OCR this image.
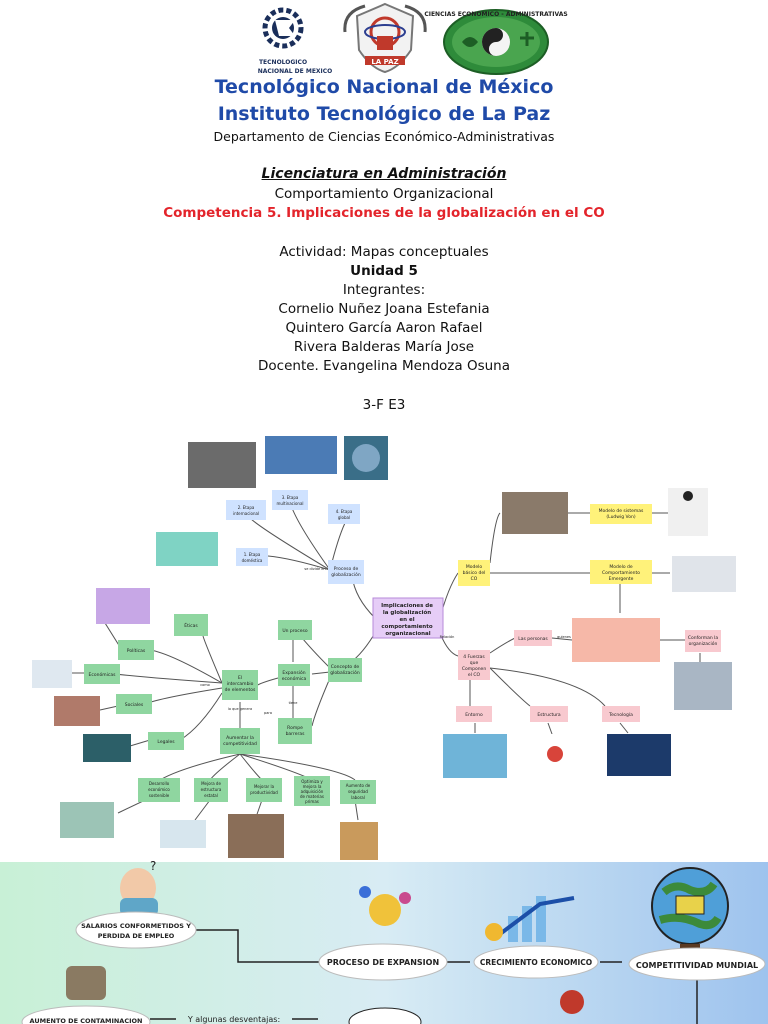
TECNOLOGICO
NACIONAL DE MEXICO
LA PAZ
CIENCIAS ECONOMICO - ADMINISTRATIVAS
Tecnológico Nacional de México
Instituto Tecnológico de La Paz
Departamento de Ciencias Económico-Administrativas
Licenciatura en Administración
Comportamiento Organizacional
Competencia 5. Implicaciones de la globalización en el CO
Actividad: Mapas conceptuales
Unidad 5
Integrantes:
Cornelio Nuñez Joana Estefania
Quintero García Aaron Rafael
Rivera Balderas María Jose
Docente. Evangelina Mendoza Osuna
3-F E3
Implicaciones de la globalización en el comportamiento organizacional
Proceso de globalización
se divide en
1. Etapa doméstica
2. Etapa internacional
3. Etapa multinacional
4. Etapa global
Concepto de globalización
Un proceso
Expansión económica
Rompe barreras
tiene
para
El intercambio de elementos
como
lo que genera
Aumentar la competitividad
Éticas
Políticas
Económicas
Sociales
Legales
Desarrollo económico sostenible
Mejora de estructura estatal
Mejorar la productividad
Optimiza y mejora la adquisición de materias primas
Aumento de seguridad laboral
Modelo básico del CO
Modelo de sistemas (Ludwig Von)
Modelo de Comportamiento Emergente
Relación
4 Fuerzas que Componen el CO
Las personas	quienes	Conforman la organización
Entorno	Estructura	Tecnología
?
SALARIOS CONFORMETIDOS Y PERDIDA DE EMPLEO
PROCESO DE EXPANSION	CRECIMIENTO ECONOMICO	COMPETITIVIDAD MUNDIAL
AUMENTO DE CONTAMINACION	Y algunas desventajas:
